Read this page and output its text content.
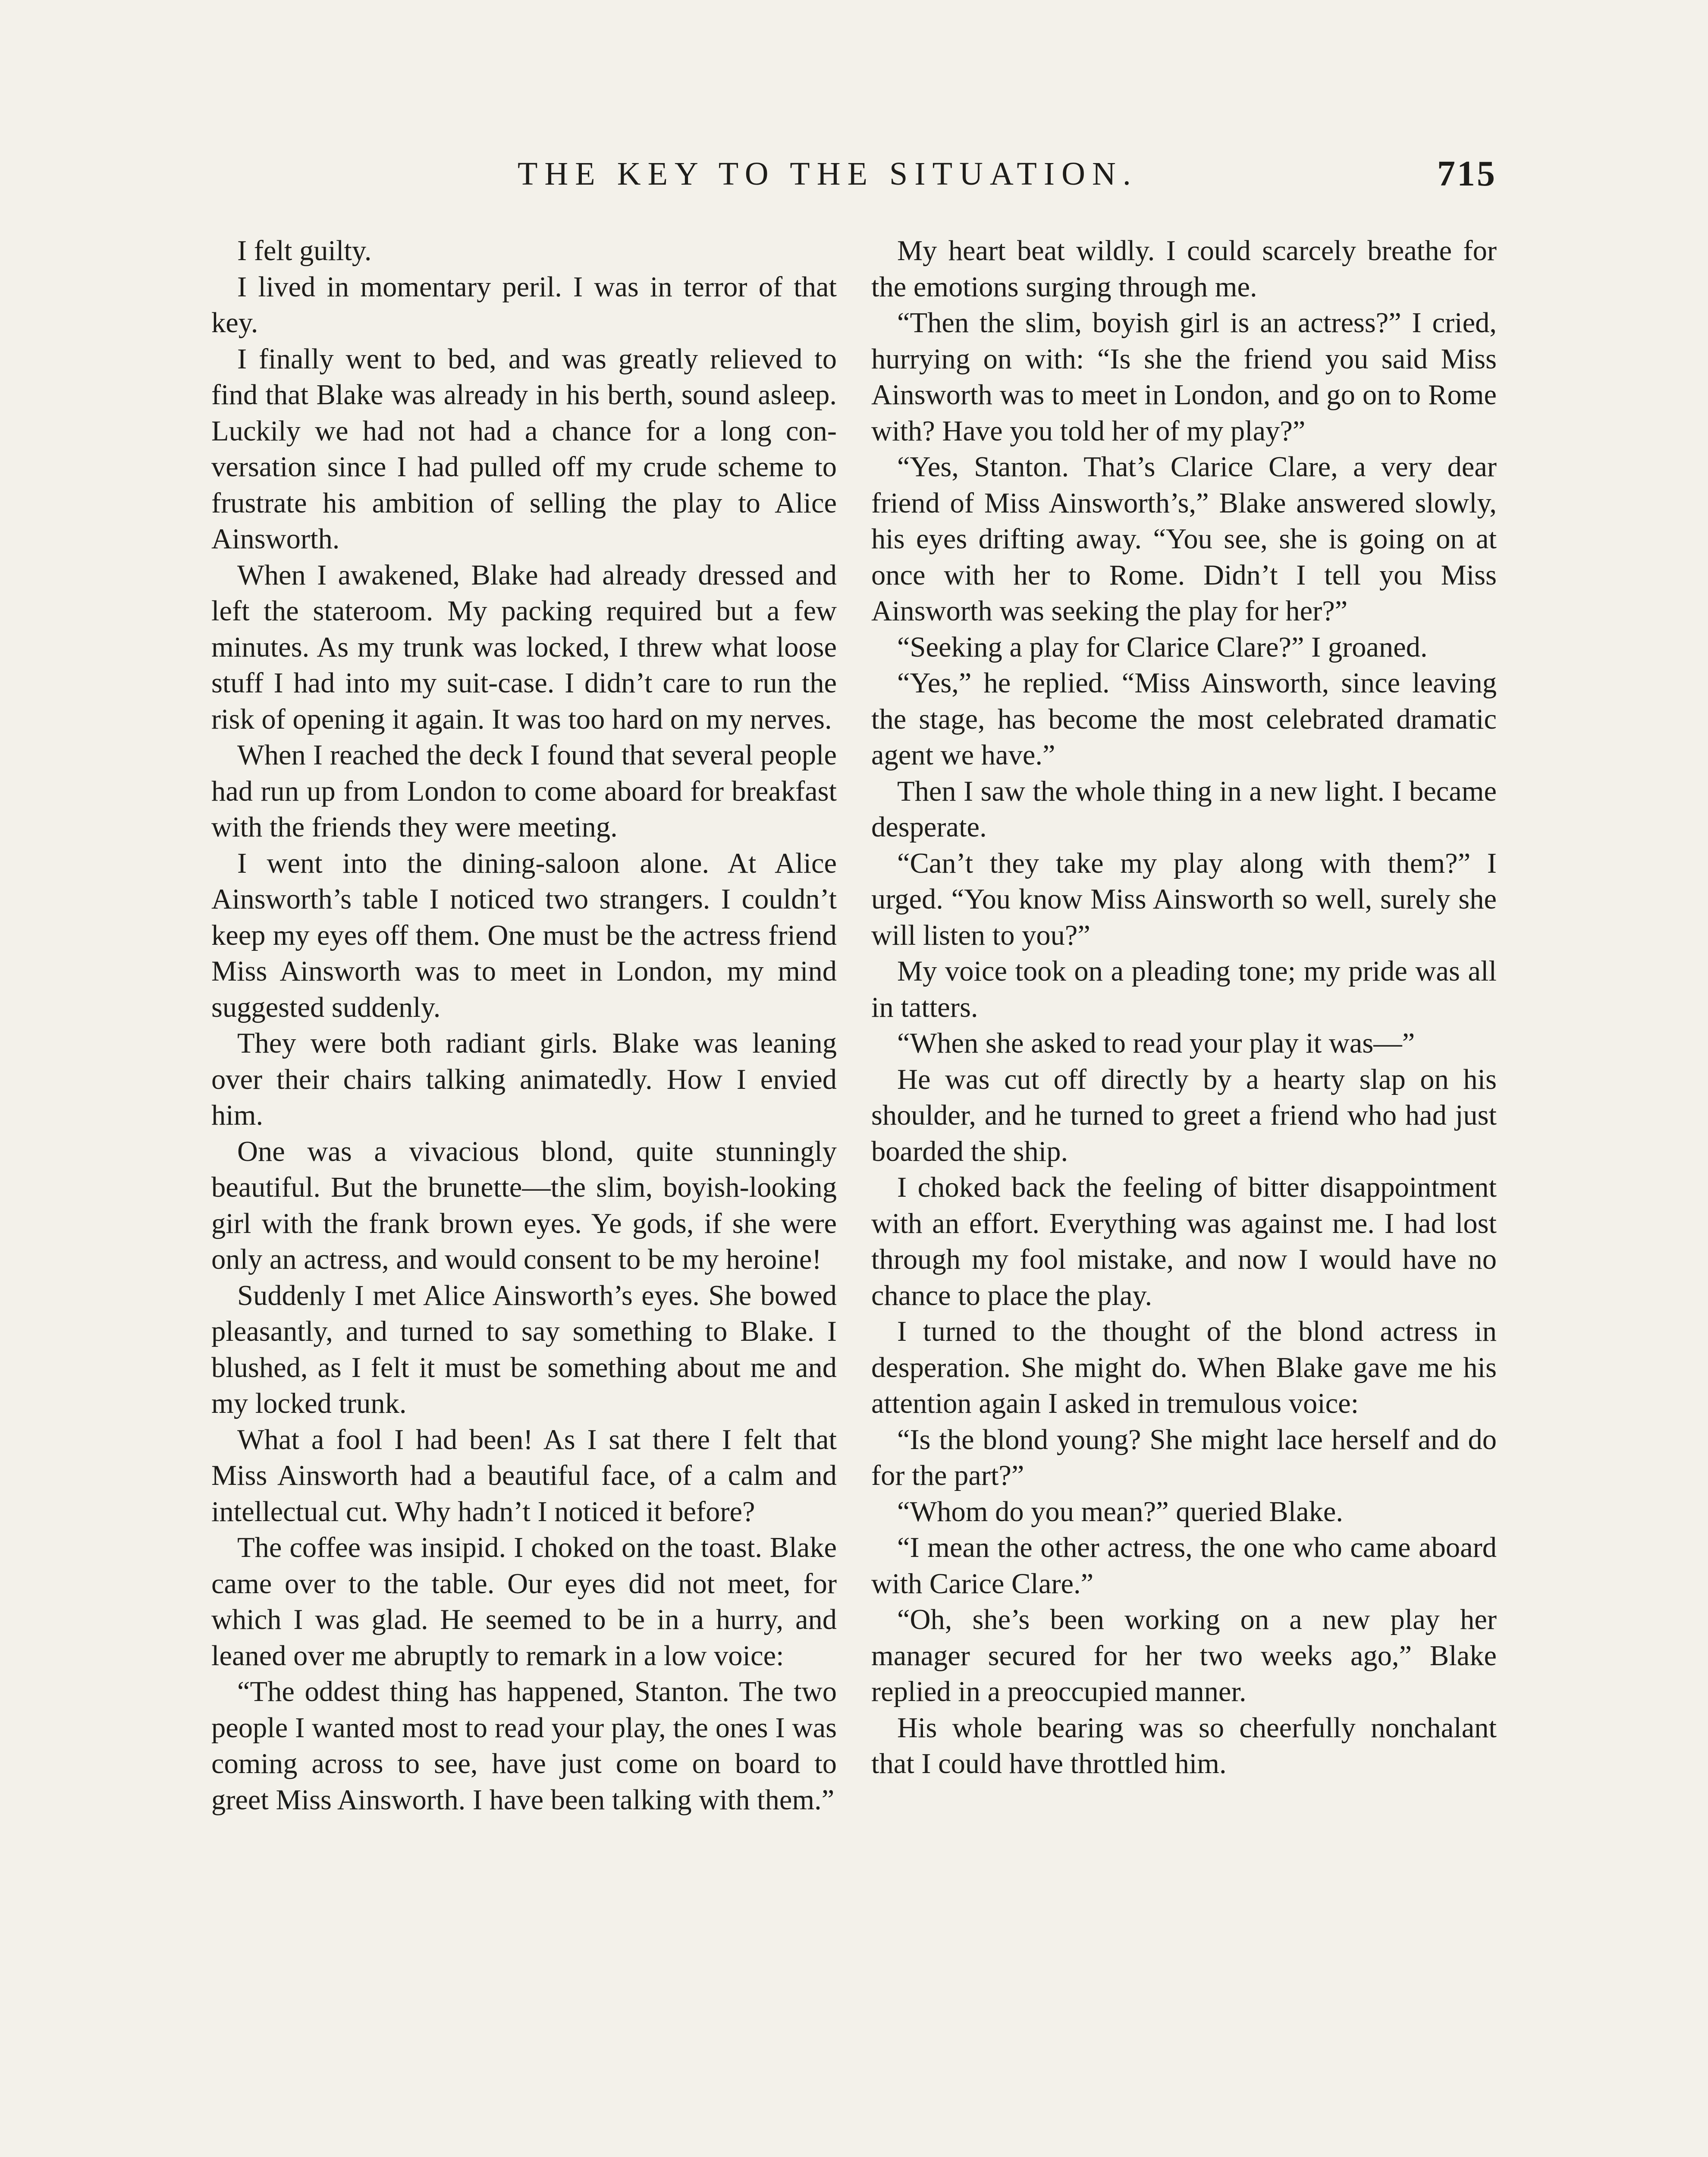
THE KEY TO THE SITUATION.	715

I felt guilty.

I lived in momentary peril. I was in terror of that key.

I finally went to bed, and was greatly relieved to find that Blake was already in his berth, sound asleep. Luckily we had not had a chance for a long conversation since I had pulled off my crude scheme to frustrate his ambition of selling the play to Alice Ainsworth.

When I awakened, Blake had already dressed and left the stateroom. My packing required but a few minutes. As my trunk was locked, I threw what loose stuff I had into my suit-case. I didn’t care to run the risk of opening it again. It was too hard on my nerves.

When I reached the deck I found that several people had run up from London to come aboard for breakfast with the friends they were meeting.

I went into the dining-saloon alone. At Alice Ainsworth’s table I noticed two strangers. I couldn’t keep my eyes off them. One must be the actress friend Miss Ainsworth was to meet in London, my mind suggested suddenly.

They were both radiant girls. Blake was leaning over their chairs talking animatedly. How I envied him.

One was a vivacious blond, quite stunningly beautiful. But the brunette—the slim, boyish-looking girl with the frank brown eyes. Ye gods, if she were only an actress, and would consent to be my heroine!

Suddenly I met Alice Ainsworth’s eyes. She bowed pleasantly, and turned to say something to Blake. I blushed, as I felt it must be something about me and my locked trunk.

What a fool I had been! As I sat there I felt that Miss Ainsworth had a beautiful face, of a calm and intellectual cut. Why hadn’t I noticed it before?

The coffee was insipid. I choked on the toast. Blake came over to the table. Our eyes did not meet, for which I was glad. He seemed to be in a hurry, and leaned over me abruptly to remark in a low voice:

“The oddest thing has happened, Stanton. The two people I wanted most to read your play, the ones I was coming across to see, have just come on board to greet Miss Ainsworth. I have been talking with them.”

My heart beat wildly. I could scarcely breathe for the emotions surging through me.

“Then the slim, boyish girl is an actress?” I cried, hurrying on with: “Is she the friend you said Miss Ainsworth was to meet in London, and go on to Rome with? Have you told her of my play?”

“Yes, Stanton. That’s Clarice Clare, a very dear friend of Miss Ainsworth’s,” Blake answered slowly, his eyes drifting away. “You see, she is going on at once with her to Rome. Didn’t I tell you Miss Ainsworth was seeking the play for her?”

“Seeking a play for Clarice Clare?” I groaned.

“Yes,” he replied. “Miss Ainsworth, since leaving the stage, has become the most celebrated dramatic agent we have.”

Then I saw the whole thing in a new light. I became desperate.

“Can’t they take my play along with them?” I urged. “You know Miss Ainsworth so well, surely she will listen to you?”

My voice took on a pleading tone; my pride was all in tatters.

“When she asked to read your play it was—”

He was cut off directly by a hearty slap on his shoulder, and he turned to greet a friend who had just boarded the ship.

I choked back the feeling of bitter disappointment with an effort. Everything was against me. I had lost through my fool mistake, and now I would have no chance to place the play.

I turned to the thought of the blond actress in desperation. She might do. When Blake gave me his attention again I asked in tremulous voice:

“Is the blond young? She might lace herself and do for the part?”

“Whom do you mean?” queried Blake.

“I mean the other actress, the one who came aboard with Carice Clare.”

“Oh, she’s been working on a new play her manager secured for her two weeks ago,” Blake replied in a preoccupied manner.

His whole bearing was so cheerfully nonchalant that I could have throttled him.
